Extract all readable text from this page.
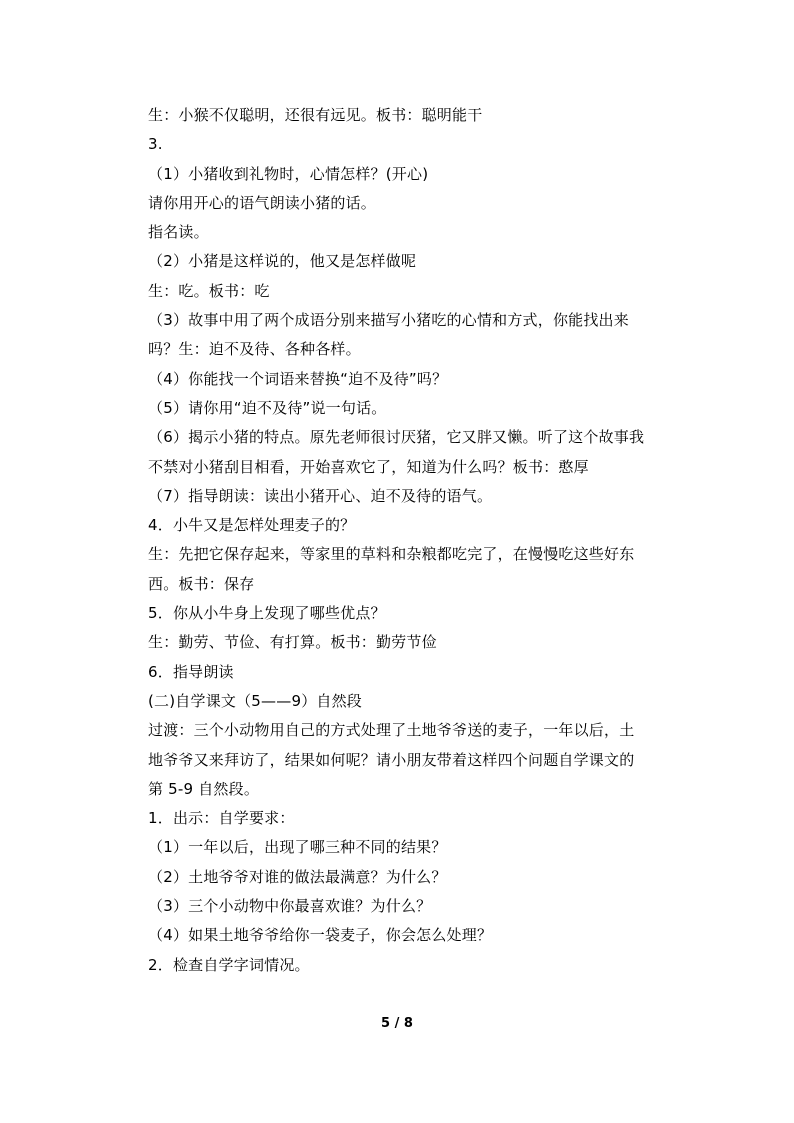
生：小猴不仅聪明，还很有远见。板书：聪明能干
3.
（1）小猪收到礼物时，心情怎样？(开心)
请你用开心的语气朗读小猪的话。
指名读。
（2）小猪是这样说的，他又是怎样做呢
生：吃。板书：吃
（3）故事中用了两个成语分别来描写小猪吃的心情和方式，你能找出来
吗？生：迫不及待、各种各样。
（4）你能找一个词语来替换“迫不及待”吗？
（5）请你用“迫不及待”说一句话。
（6）揭示小猪的特点。原先老师很讨厌猪，它又胖又懒。听了这个故事我
不禁对小猪刮目相看，开始喜欢它了，知道为什么吗？板书：憨厚
（7）指导朗读：读出小猪开心、迫不及待的语气。
4．小牛又是怎样处理麦子的？
生：先把它保存起来，等家里的草料和杂粮都吃完了，在慢慢吃这些好东
西。板书：保存
5．你从小牛身上发现了哪些优点？
生：勤劳、节俭、有打算。板书：勤劳节俭
6．指导朗读
(二)自学课文（5——9）自然段
过渡：三个小动物用自己的方式处理了土地爷爷送的麦子，一年以后，土
地爷爷又来拜访了，结果如何呢？请小朋友带着这样四个问题自学课文的
第 5-9 自然段。
1．出示：自学要求：
（1）一年以后，出现了哪三种不同的结果？
（2）土地爷爷对谁的做法最满意？为什么？
（3）三个小动物中你最喜欢谁？为什么？
（4）如果土地爷爷给你一袋麦子，你会怎么处理？
2．检查自学字词情况。
5 / 8
